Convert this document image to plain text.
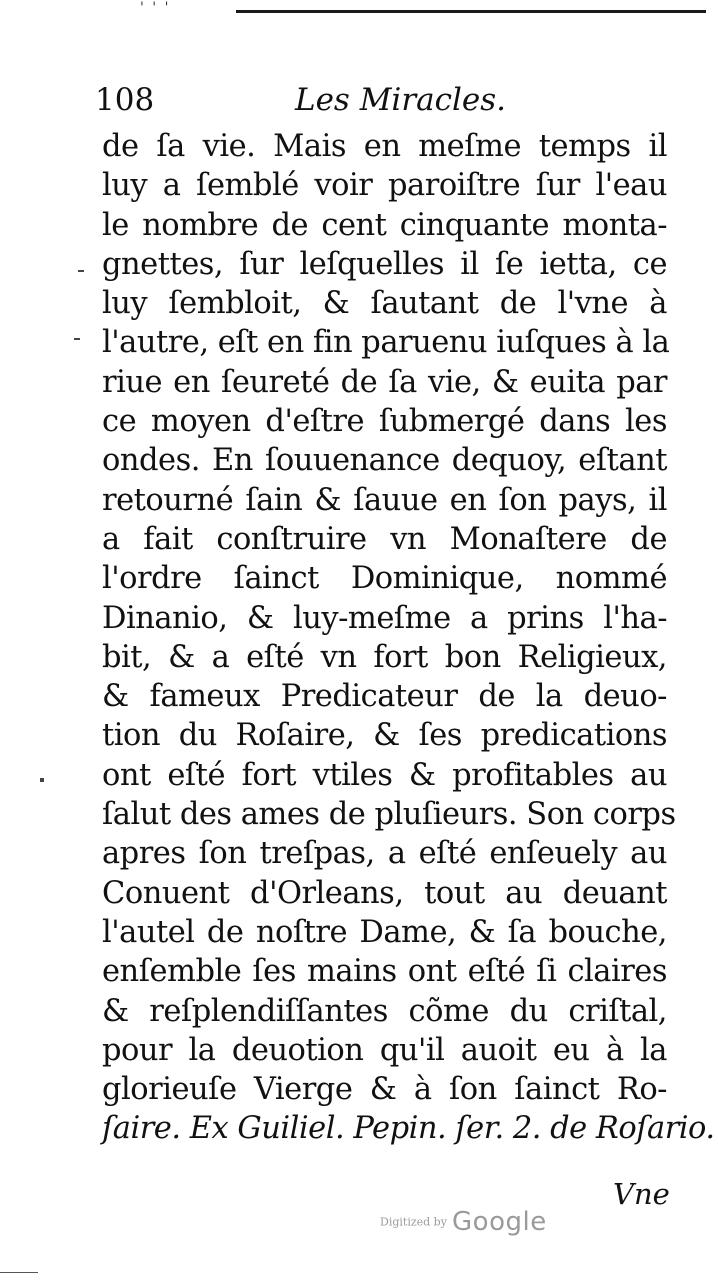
' ' '
108	Les Miracles.
de ſa vie. Mais en meſme temps il
luy a ſemblé voir paroiſtre ſur l'eau
le nombre de cent cinquante monta-
gnettes, ſur leſquelles il ſe ietta, ce
luy ſembloit, & ſautant de l'vne à
l'autre, eſt en fin paruenu iuſques à la
riue en ſeureté de ſa vie, & euita par
ce moyen d'eſtre ſubmergé dans les
ondes. En ſouuenance dequoy, eſtant
retourné ſain & ſauue en ſon pays, il
a fait conſtruire vn Monaſtere de
l'ordre ſainct Dominique, nommé
Dinanio, & luy-meſme a prins l'ha-
bit, & a eſté vn fort bon Religieux,
& fameux Predicateur de la deuo-
tion du Roſaire, & ſes predications
ont eſté fort vtiles & profitables au
ſalut des ames de pluſieurs. Son corps
apres ſon treſpas, a eſté enſeuely au
Conuent d'Orleans, tout au deuant
l'autel de noſtre Dame, & ſa bouche,
enſemble ſes mains ont eſté ſi claires
& reſplendiſſantes cõme du criſtal,
pour la deuotion qu'il auoit eu à la
glorieuſe Vierge & à ſon ſainct Ro-
ſaire. Ex Guiliel. Pepin. ſer. 2. de Roſario.
Vne
Digitized by Google
